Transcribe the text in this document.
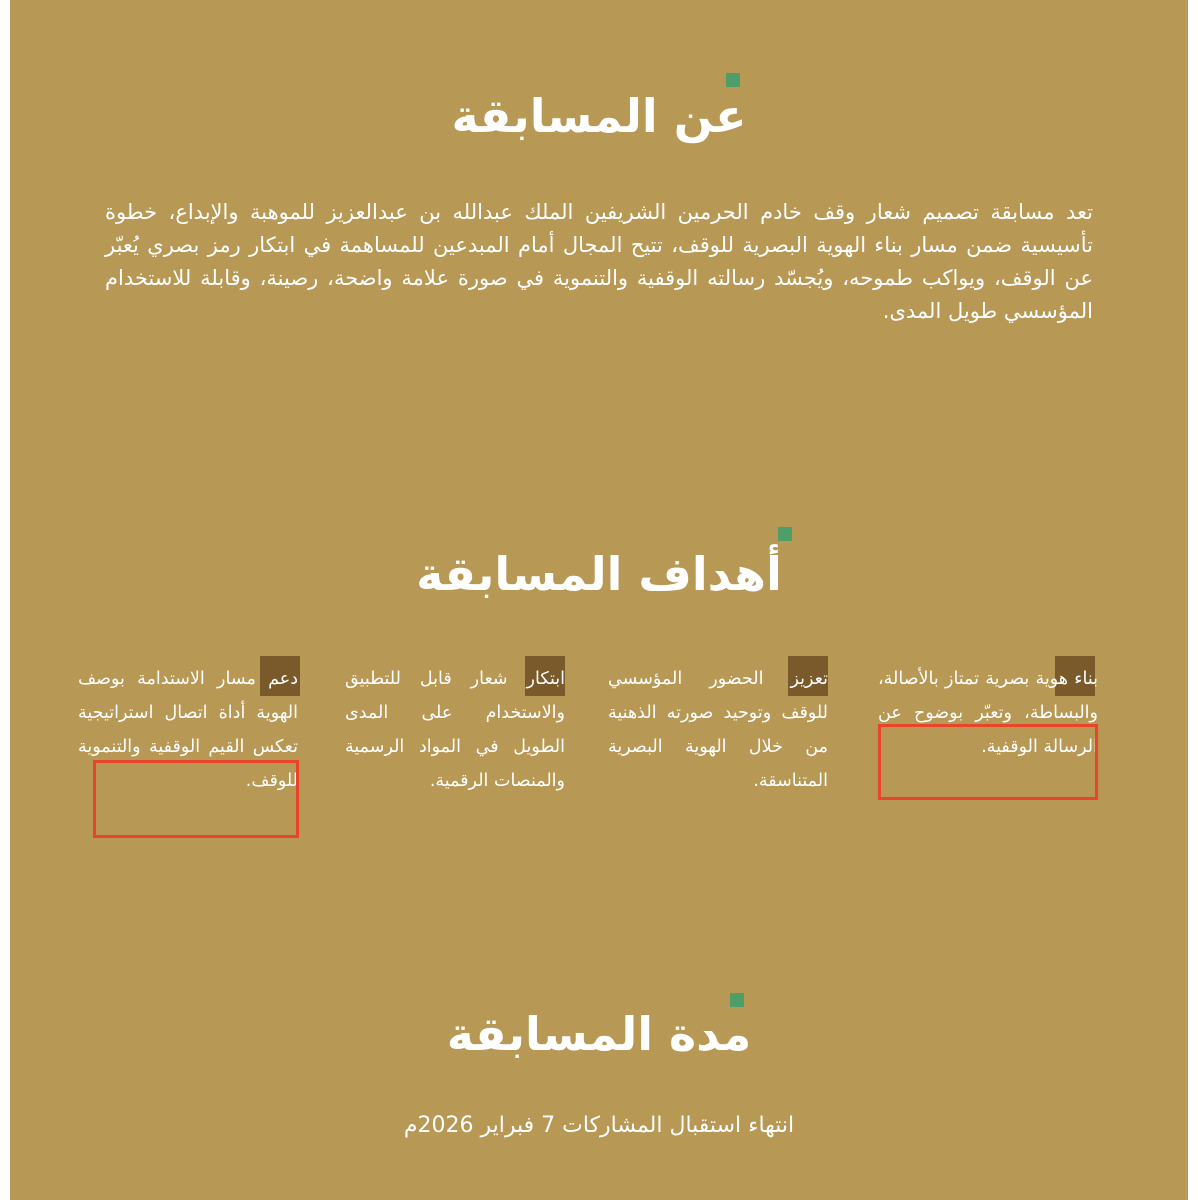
عن المسابقة

تعد مسابقة تصميم شعار وقف خادم الحرمين الشريفين الملك عبدالله بن عبدالعزيز للموهبة والإبداع، خطوة تأسيسية ضمن مسار بناء الهوية البصرية للوقف، تتيح المجال أمام المبدعين للمساهمة في ابتكار رمز بصري يُعبّر عن الوقف، ويواكب طموحه، ويُجسّد رسالته الوقفية والتنموية في صورة علامة واضحة، رصينة، وقابلة للاستخدام المؤسسي طويل المدى.

أهداف المسابقة

بناء هوية بصرية تمتاز بالأصالة، والبساطة، وتعبّر بوضوح عن الرسالة الوقفية.

تعزيز الحضور المؤسسي للوقف وتوحيد صورته الذهنية من خلال الهوية البصرية المتناسقة.

ابتكار شعار قابل للتطبيق والاستخدام على المدى الطويل في المواد الرسمية والمنصات الرقمية.

دعم مسار الاستدامة بوصف الهوية أداة اتصال استراتيجية تعكس القيم الوقفية والتنموية للوقف.

مدة المسابقة

انتهاء استقبال المشاركات 7 فبراير 2026م
